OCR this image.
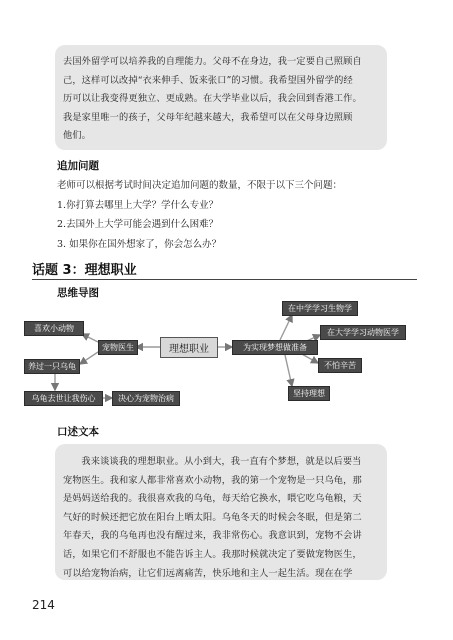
去国外留学可以培养我的自理能力。父母不在身边，我一定要自己照顾自

己，这样可以改掉“衣来伸手、饭来张口”的习惯。我希望国外留学的经

历可以让我变得更独立、更成熟。在大学毕业以后，我会回到香港工作。

我是家里唯一的孩子，父母年纪越来越大，我希望可以在父母身边照顾

他们。

追加问题
老师可以根据考试时间决定追加问题的数量，不限于以下三个问题：
1.你打算去哪里上大学？学什么专业？
2.去国外上大学可能会遇到什么困难？
3. 如果你在国外想家了，你会怎么办？
话题 3：理想职业
思维导图
喜欢小动物
宠物医生	理想职业	为实现梦想做准备
养过一只乌龟
乌龟去世让我伤心	决心为宠物治病
在中学学习生物学
在大学学习动物医学
不怕辛苦
坚持理想
口述文本

我来谈谈我的理想职业。从小到大，我一直有个梦想，就是以后要当

宠物医生。我和家人都非常喜欢小动物，我的第一个宠物是一只乌龟，那

是妈妈送给我的。我很喜欢我的乌龟，每天给它换水，喂它吃乌龟粮，天

气好的时候还把它放在阳台上晒太阳。乌龟冬天的时候会冬眠，但是第二

年春天，我的乌龟再也没有醒过来，我非常伤心。我意识到，宠物不会讲

话，如果它们不舒服也不能告诉主人。我那时候就决定了要做宠物医生，

可以给宠物治病，让它们远离痛苦，快乐地和主人一起生活。现在在学

214
